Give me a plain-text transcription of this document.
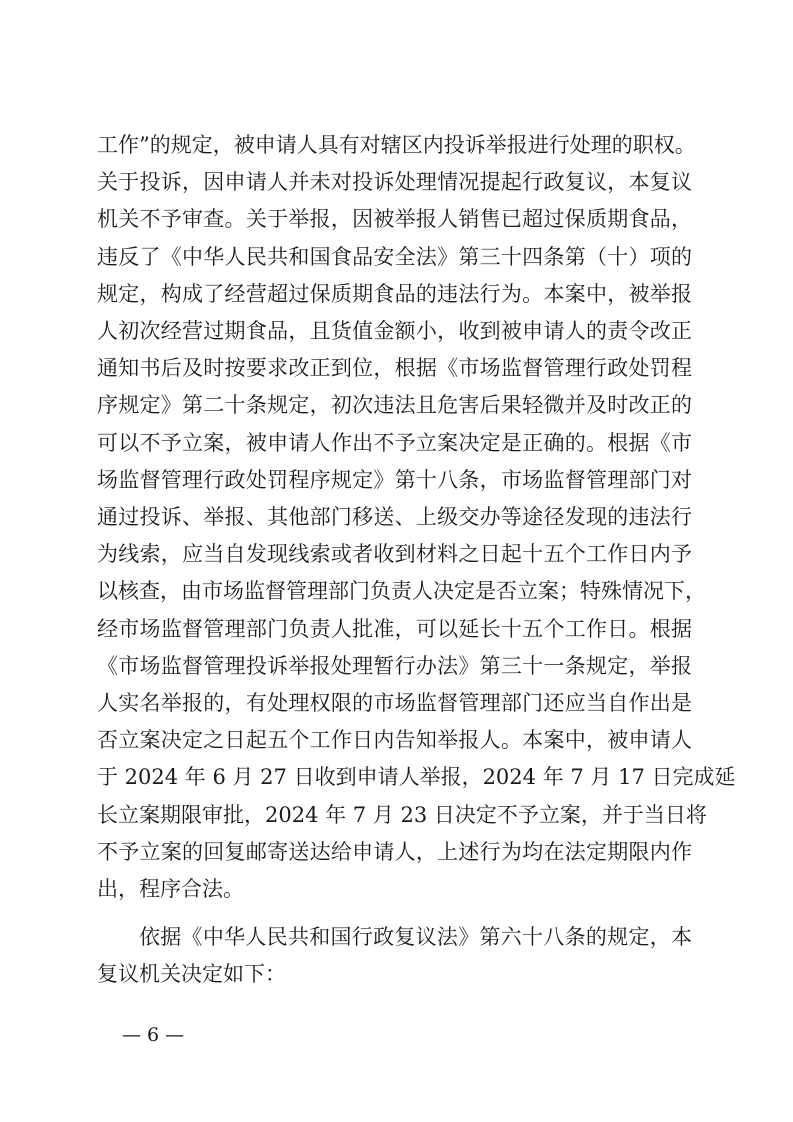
工作”的规定，被申请人具有对辖区内投诉举报进行处理的职权。
关于投诉，因申请人并未对投诉处理情况提起行政复议，本复议
机关不予审查。关于举报，因被举报人销售已超过保质期食品，
违反了《中华人民共和国食品安全法》第三十四条第（十）项的
规定，构成了经营超过保质期食品的违法行为。本案中，被举报
人初次经营过期食品，且货值金额小，收到被申请人的责令改正
通知书后及时按要求改正到位，根据《市场监督管理行政处罚程
序规定》第二十条规定，初次违法且危害后果轻微并及时改正的
可以不予立案，被申请人作出不予立案决定是正确的。根据《市
场监督管理行政处罚程序规定》第十八条，市场监督管理部门对
通过投诉、举报、其他部门移送、上级交办等途径发现的违法行
为线索，应当自发现线索或者收到材料之日起十五个工作日内予
以核查，由市场监督管理部门负责人决定是否立案；特殊情况下，
经市场监督管理部门负责人批准，可以延长十五个工作日。根据
《市场监督管理投诉举报处理暂行办法》第三十一条规定，举报
人实名举报的，有处理权限的市场监督管理部门还应当自作出是
否立案决定之日起五个工作日内告知举报人。本案中，被申请人
于 2024 年 6 月 27 日收到申请人举报，2024 年 7 月 17 日完成延
长立案期限审批，2024 年 7 月 23 日决定不予立案，并于当日将
不予立案的回复邮寄送达给申请人，上述行为均在法定期限内作
出，程序合法。
依据《中华人民共和国行政复议法》第六十八条的规定，本
复议机关决定如下：
— 6 —
